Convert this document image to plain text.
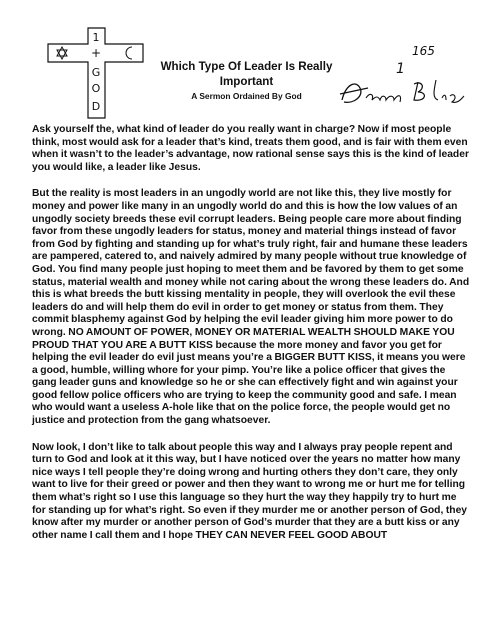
1
+
G
O
D
Which Type Of Leader Is Really
Important
A Sermon Ordained By God
1
165

Ask yourself the, what kind of leader do you really want in charge? Now if most people think, most would ask for a leader that’s kind, treats them good, and is fair with them even when it wasn’t to the leader’s advantage, now rational sense says this is the kind of leader you would like, a leader like Jesus.

But the reality is most leaders in an ungodly world are not like this, they live mostly for money and power like many in an ungodly world do and this is how the low values of an ungodly society breeds these evil corrupt leaders. Being people care more about finding favor from these ungodly leaders for status, money and material things instead of favor from God by fighting and standing up for what’s truly right, fair and humane these leaders are pampered, catered to, and naively admired by many people without true knowledge of God. You find many people just hoping to meet them and be favored by them to get some status, material wealth and money while not caring about the wrong these leaders do. And this is what breeds the butt kissing mentality in people, they will overlook the evil these leaders do and will help them do evil in order to get money or status from them. They commit blasphemy against God by helping the evil leader giving him more power to do wrong. NO AMOUNT OF POWER, MONEY OR MATERIAL WEALTH SHOULD MAKE YOU PROUD THAT YOU ARE A BUTT KISS because the more money and favor you get for helping the evil leader do evil just means you’re a BIGGER BUTT KISS, it means you were a good, humble, willing whore for your pimp. You’re like a police officer that gives the gang leader guns and knowledge so he or she can effectively fight and win against your good fellow police officers who are trying to keep the community good and safe. I mean who would want a useless A-hole like that on the police force, the people would get no justice and protection from the gang whatsoever.

Now look, I don’t like to talk about people this way and I always pray people repent and turn to God and look at it this way, but I have noticed over the years no matter how many nice ways I tell people they’re doing wrong and hurting others they don’t care, they only want to live for their greed or power and then they want to wrong me or hurt me for telling them what’s right so I use this language so they hurt the way they happily try to hurt me for standing up for what’s right. So even if they murder me or another person of God, they know after my murder or another person of God’s murder that they are a butt kiss or any other name I call them and I hope THEY CAN NEVER FEEL GOOD ABOUT
